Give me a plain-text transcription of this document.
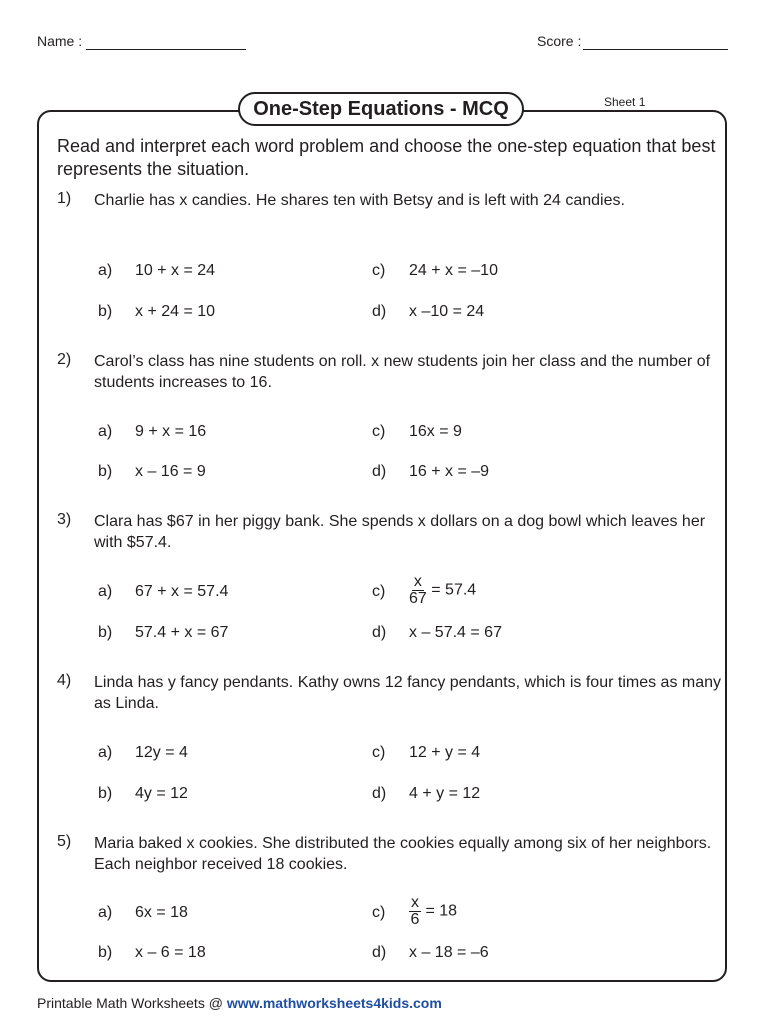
Name :	Score :
One-Step Equations - MCQ	Sheet 1
Read and interpret each word problem and choose the one-step equation that best represents the situation.
1) Charlie has x candies. He shares ten with Betsy and is left with 24 candies.
a) 10 + x = 24
b) x + 24 = 10
c) 24 + x = –10
d) x –10 = 24
2) Carol’s class has nine students on roll. x new students join her class and the number of students increases to 16.
a) 9 + x = 16
b) x – 16 = 9
c) 16x = 9
d) 16 + x = –9
3) Clara has $67 in her piggy bank. She spends x dollars on a dog bowl which leaves her with $57.4.
a) 67 + x = 57.4
b) 57.4 + x = 67
$c) \frac{x}{67} = 57.4$
d) x – 57.4 = 67
4) Linda has y fancy pendants. Kathy owns 12 fancy pendants, which is four times as many as Linda.
a) 12y = 4
b) 4y = 12
c) 12 + y = 4
d) 4 + y = 12
5) Maria baked x cookies. She distributed the cookies equally among six of her neighbors. Each neighbor received 18 cookies.
a) 6x = 18
b) x – 6 = 18
$c) \frac{x}{6} = 18$
d) x – 18 = –6
Printable Math Worksheets @ www.mathworksheets4kids.com
